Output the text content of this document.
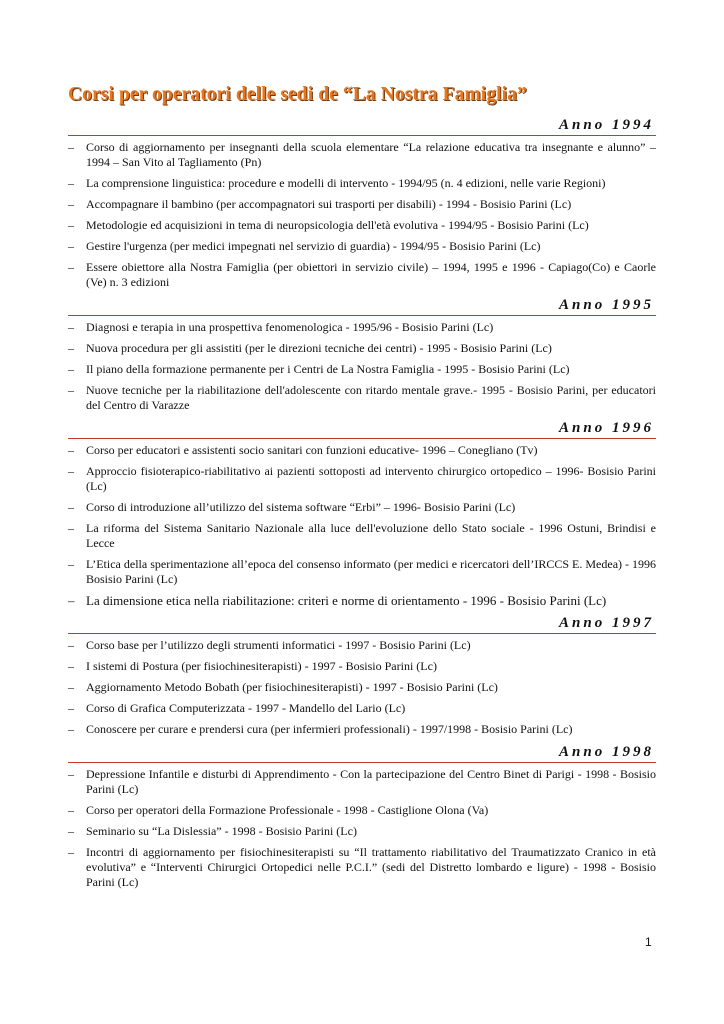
Corsi per operatori delle sedi de “La Nostra Famiglia”
Anno 1994
–	Corso di aggiornamento per insegnanti della scuola elementare “La relazione educativa tra insegnante e alunno” – 1994 – San Vito al Tagliamento (Pn)
–	La comprensione linguistica: procedure e modelli di intervento - 1994/95 (n. 4 edizioni, nelle varie Regioni)
–	Accompagnare il bambino (per accompagnatori sui trasporti per disabili) - 1994 - Bosisio Parini (Lc)
–	Metodologie ed acquisizioni in tema di neuropsicologia dell'età evolutiva - 1994/95 - Bosisio Parini (Lc)
–	Gestire l'urgenza (per medici impegnati nel servizio di guardia) - 1994/95 - Bosisio Parini (Lc)
–	Essere obiettore alla Nostra Famiglia (per obiettori in servizio civile) – 1994, 1995 e 1996 - Capiago(Co) e Caorle (Ve) n. 3 edizioni
Anno 1995
–	Diagnosi e terapia in una prospettiva fenomenologica - 1995/96 - Bosisio Parini (Lc)
–	Nuova procedura per gli assistiti (per le direzioni tecniche dei centri) - 1995 - Bosisio Parini (Lc)
–	Il piano della formazione permanente per i Centri de La Nostra Famiglia - 1995 - Bosisio Parini (Lc)
–	Nuove tecniche per la riabilitazione dell'adolescente con ritardo mentale grave.- 1995 - Bosisio Parini, per educatori del Centro di Varazze
Anno 1996
–	Corso per educatori e assistenti socio sanitari con funzioni educative- 1996 – Conegliano (Tv)
–	Approccio fisioterapico-riabilitativo ai pazienti sottoposti ad intervento chirurgico ortopedico – 1996- Bosisio Parini (Lc)
–	Corso di introduzione all’utilizzo del sistema software “Erbi” – 1996- Bosisio Parini (Lc)
–	La riforma del Sistema Sanitario Nazionale alla luce dell'evoluzione dello Stato sociale - 1996 Ostuni, Brindisi e Lecce
–	L’Etica della sperimentazione all’epoca del consenso informato (per medici e ricercatori dell’IRCCS E. Medea) - 1996 Bosisio Parini (Lc)
– La dimensione etica nella riabilitazione: criteri e norme di orientamento - 1996 - Bosisio Parini (Lc)
Anno 1997
–	Corso base per l’utilizzo degli strumenti informatici - 1997 - Bosisio Parini (Lc)
–	I sistemi di Postura (per fisiochinesiterapisti) - 1997 - Bosisio Parini (Lc)
–	Aggiornamento Metodo Bobath (per fisiochinesiterapisti) - 1997 - Bosisio Parini (Lc)
–	Corso di Grafica Computerizzata - 1997 - Mandello del Lario (Lc)
–	Conoscere per curare e prendersi cura (per infermieri professionali) - 1997/1998 - Bosisio Parini (Lc)
Anno 1998
–	Depressione Infantile e disturbi di Apprendimento - Con la partecipazione del Centro Binet di Parigi - 1998 - Bosisio Parini (Lc)
–	Corso per operatori della Formazione Professionale - 1998 - Castiglione Olona (Va)
–	Seminario su “La Dislessia” - 1998 - Bosisio Parini (Lc)
–	Incontri di aggiornamento per fisiochinesiterapisti su “Il trattamento riabilitativo del Traumatizzato Cranico in età evolutiva” e “Interventi Chirurgici Ortopedici nelle P.C.I.” (sedi del Distretto lombardo e ligure) - 1998 - Bosisio Parini (Lc)
1
